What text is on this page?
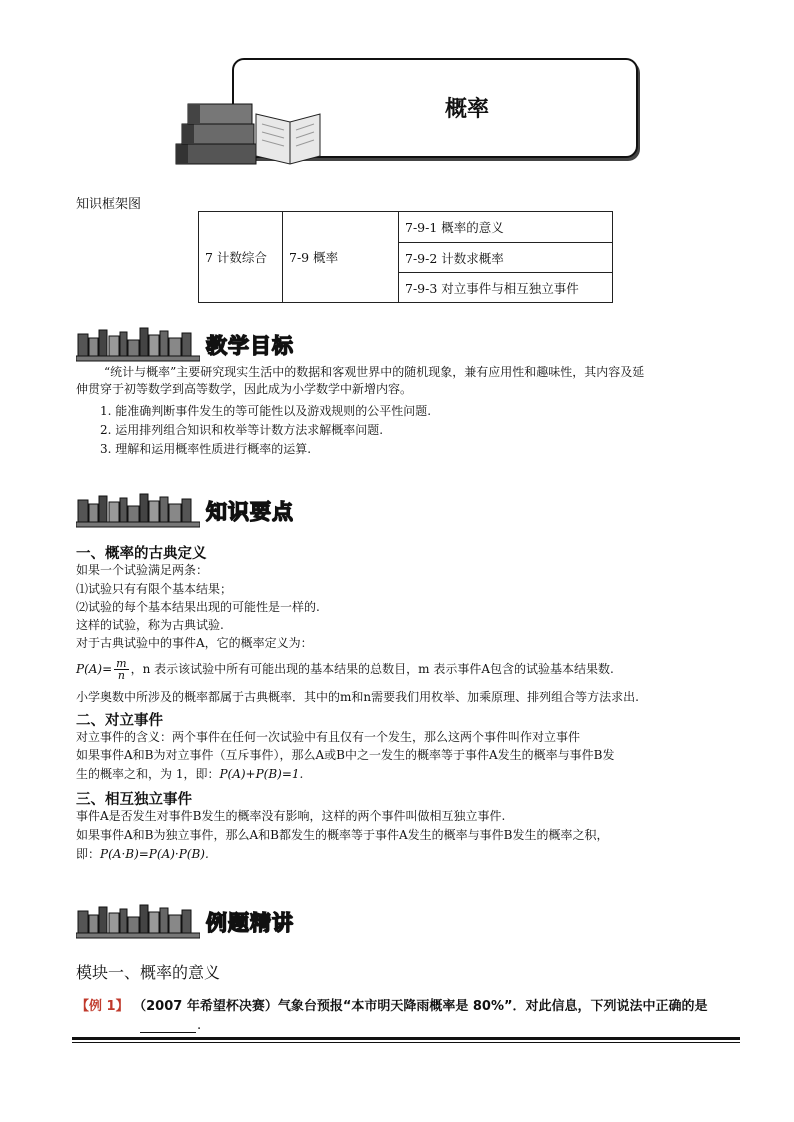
概率
知识框架图
7 计数综合	7-9 概率	7-9-1 概率的意义
7-9-2 计数求概率
7-9-3 对立事件与相互独立事件
教学目标
“统计与概率”主要研究现实生活中的数据和客观世界中的随机现象，兼有应用性和趣味性，其内容及延
伸贯穿于初等数学到高等数学，因此成为小学数学中新增内容。
1. 能准确判断事件发生的等可能性以及游戏规则的公平性问题.
2. 运用排列组合知识和枚举等计数方法求解概率问题.
3. 理解和运用概率性质进行概率的运算.
知识要点
一、概率的古典定义
如果一个试验满足两条：
⑴试验只有有限个基本结果；
⑵试验的每个基本结果出现的可能性是一样的.
这样的试验，称为古典试验.
对于古典试验中的事件A，它的概率定义为：
$P(A)= \frac{m}{n}$ ，n 表示该试验中所有可能出现的基本结果的总数目，m 表示事件A包含的试验基本结果数.
小学奥数中所涉及的概率都属于古典概率．其中的m和n需要我们用枚举、加乘原理、排列组合等方法求出.
二、对立事件
对立事件的含义：两个事件在任何一次试验中有且仅有一个发生，那么这两个事件叫作对立事件
如果事件A和B为对立事件（互斥事件），那么A或B中之一发生的概率等于事件A发生的概率与事件B发
生的概率之和，为 1，即：P(A)+P(B)=1.
三、相互独立事件
事件A是否发生对事件B发生的概率没有影响，这样的两个事件叫做相互独立事件.
如果事件A和B为独立事件，那么A和B都发生的概率等于事件A发生的概率与事件B发生的概率之积，
即：P(A·B)=P(A)·P(B).
例题精讲
模块一、概率的意义
【例 1】 （2007 年希望杯决赛）气象台预报“本市明天降雨概率是 80%”．对此信息，下列说法中正确的是
.
